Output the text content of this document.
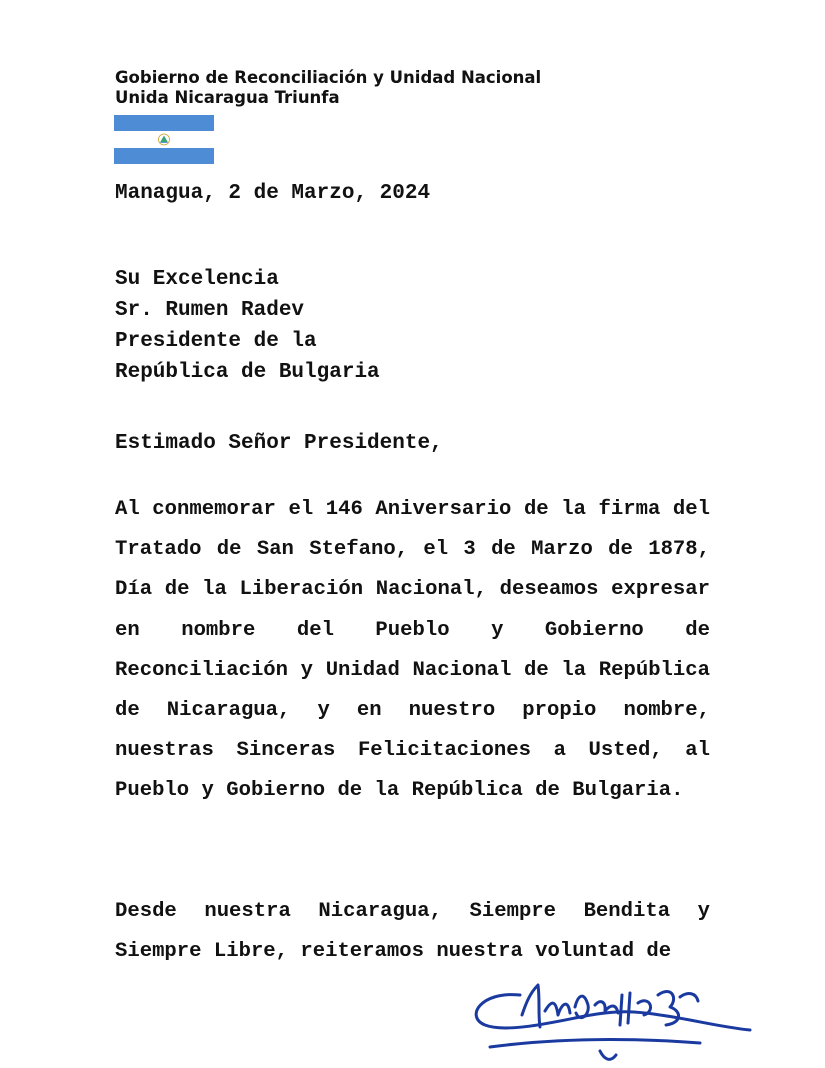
Gobierno de Reconciliación y Unidad Nacional
Unida Nicaragua Triunfa
Managua, 2 de Marzo, 2024
Su Excelencia
Sr. Rumen Radev
Presidente de la
República de Bulgaria
Estimado Señor Presidente,
Al conmemorar el 146 Aniversario de la firma del Tratado de San Stefano, el 3 de Marzo de 1878, Día de la Liberación Nacional, deseamos expresar en nombre del Pueblo y Gobierno de Reconciliación y Unidad Nacional de la República de Nicaragua, y en nuestro propio nombre, nuestras Sinceras Felicitaciones a Usted, al Pueblo y Gobierno de la República de Bulgaria.
Desde nuestra Nicaragua, Siempre Bendita y Siempre Libre, reiteramos nuestra voluntad de
